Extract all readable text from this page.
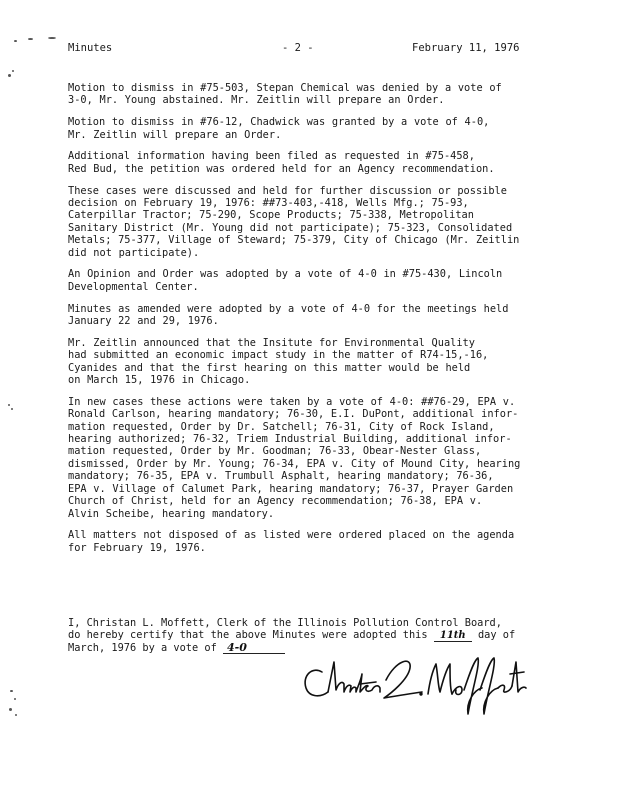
Minutes	- 2 -	February 11, 1976

Motion to dismiss in #75-503, Stepan Chemical was denied by a vote of
3-0, Mr. Young abstained. Mr. Zeitlin will prepare an Order.

Motion to dismiss in #76-12, Chadwick was granted by a vote of 4-0,
Mr. Zeitlin will prepare an Order.

Additional information having been filed as requested in #75-458,
Red Bud, the petition was ordered held for an Agency recommendation.

These cases were discussed and held for further discussion or possible
decision on February 19, 1976: ##73-403,-418, Wells Mfg.; 75-93,
Caterpillar Tractor; 75-290, Scope Products; 75-338, Metropolitan
Sanitary District (Mr. Young did not participate); 75-323, Consolidated
Metals; 75-377, Village of Steward; 75-379, City of Chicago (Mr. Zeitlin
did not participate).

An Opinion and Order was adopted by a vote of 4-0 in #75-430, Lincoln
Developmental Center.

Minutes as amended were adopted by a vote of 4-0 for the meetings held
January 22 and 29, 1976.

Mr. Zeitlin announced that the Insitute for Environmental Quality
had submitted an economic impact study in the matter of R74-15,-16,
Cyanides and that the first hearing on this matter would be held
on March 15, 1976 in Chicago.

In new cases these actions were taken by a vote of 4-0: ##76-29, EPA v.
Ronald Carlson, hearing mandatory; 76-30, E.I. DuPont, additional infor-
mation requested, Order by Dr. Satchell; 76-31, City of Rock Island,
hearing authorized; 76-32, Triem Industrial Building, additional infor-
mation requested, Order by Mr. Goodman; 76-33, Obear-Nester Glass,
dismissed, Order by Mr. Young; 76-34, EPA v. City of Mound City, hearing
mandatory; 76-35, EPA v. Trumbull Asphalt, hearing mandatory; 76-36,
EPA v. Village of Calumet Park, hearing mandatory; 76-37, Prayer Garden
Church of Christ, held for an Agency recommendation; 76-38, EPA v.
Alvin Scheibe, hearing mandatory.

All matters not disposed of as listed were ordered placed on the agenda
for February 19, 1976.

I, Christan L. Moffett, Clerk of the Illinois Pollution Control Board,
do hereby certify that the above Minutes were adopted this 11th day of
March, 1976 by a vote of 4-0
